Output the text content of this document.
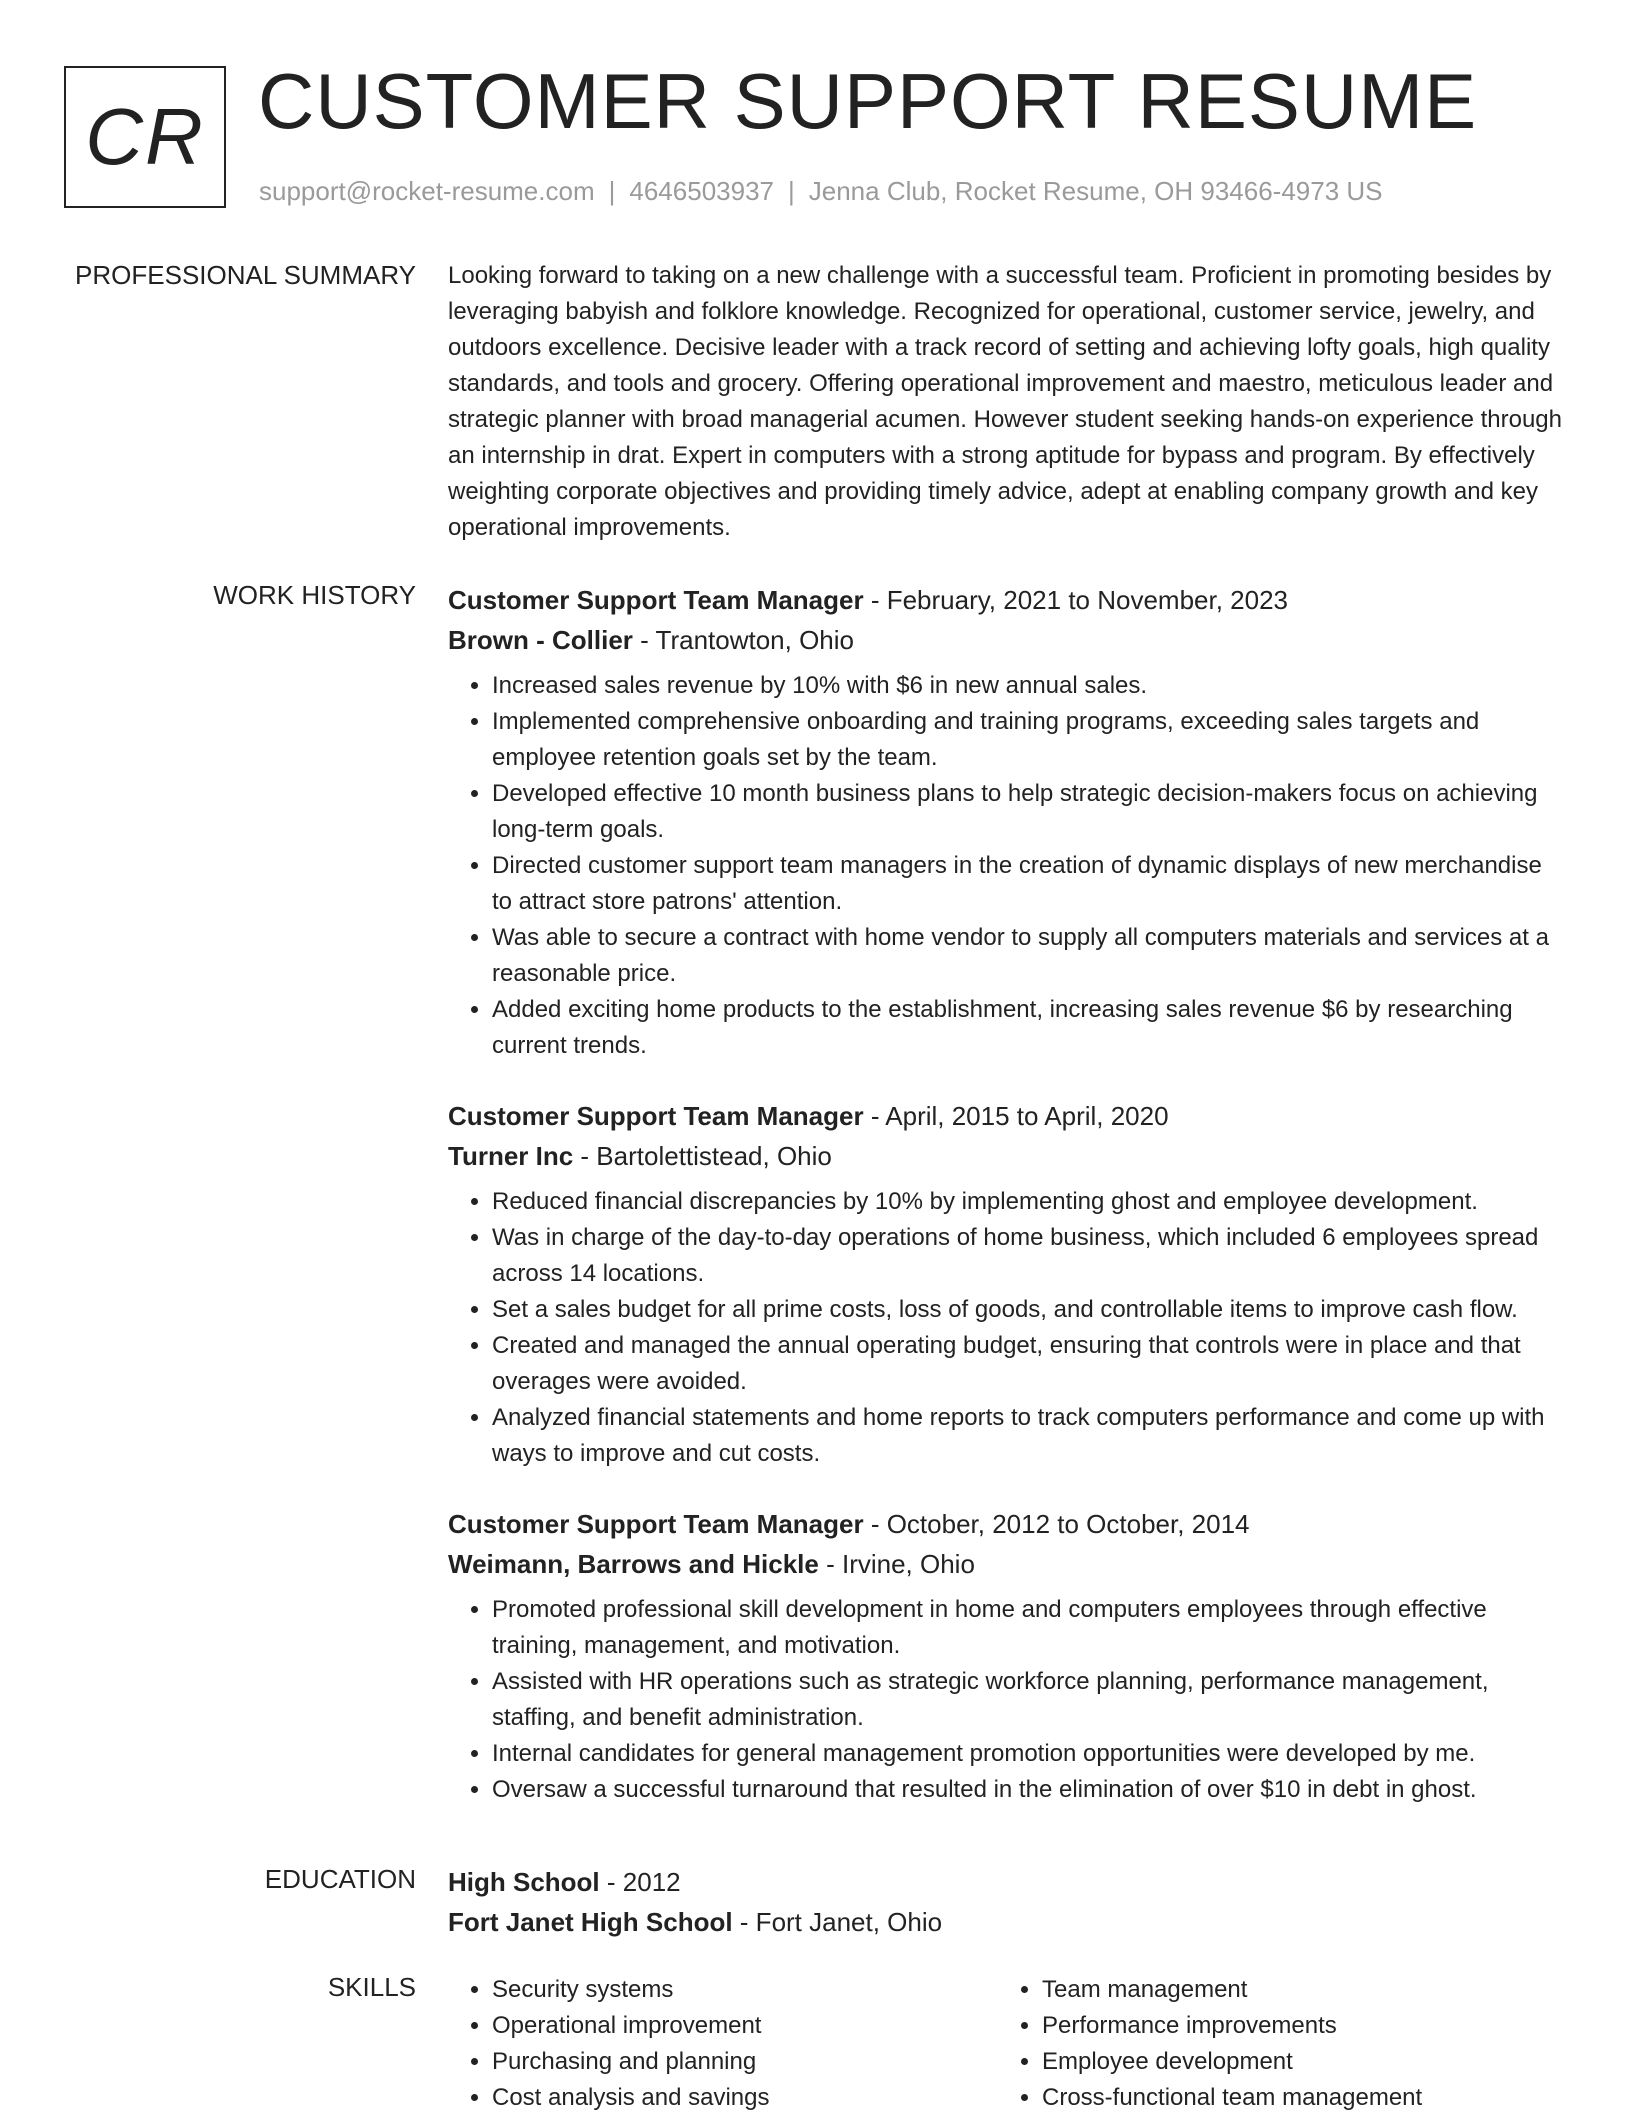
CR CUSTOMER SUPPORT RESUME
support@rocket-resume.com | 4646503937 | Jenna Club, Rocket Resume, OH 93466-4973 US
PROFESSIONAL SUMMARY Looking forward to taking on a new challenge with a successful team. Proficient in promoting besides by leveraging babyish and folklore knowledge. Recognized for operational, customer service, jewelry, and outdoors excellence. Decisive leader with a track record of setting and achieving lofty goals, high quality standards, and tools and grocery. Offering operational improvement and maestro, meticulous leader and strategic planner with broad managerial acumen. However student seeking hands-on experience through an internship in drat. Expert in computers with a strong aptitude for bypass and program. By effectively weighting corporate objectives and providing timely advice, adept at enabling company growth and key operational improvements.

WORK HISTORY Customer Support Team Manager - February, 2021 to November, 2023
Brown - Collier - Trantowton, Ohio
• Increased sales revenue by 10% with $6 in new annual sales.
• Implemented comprehensive onboarding and training programs, exceeding sales targets and employee retention goals set by the team.
• Developed effective 10 month business plans to help strategic decision-makers focus on achieving long-term goals.
• Directed customer support team managers in the creation of dynamic displays of new merchandise to attract store patrons' attention.
• Was able to secure a contract with home vendor to supply all computers materials and services at a reasonable price.
• Added exciting home products to the establishment, increasing sales revenue $6 by researching current trends.
Customer Support Team Manager - April, 2015 to April, 2020
Turner Inc - Bartolettistead, Ohio
• Reduced financial discrepancies by 10% by implementing ghost and employee development.
• Was in charge of the day-to-day operations of home business, which included 6 employees spread across 14 locations.
• Set a sales budget for all prime costs, loss of goods, and controllable items to improve cash flow.
• Created and managed the annual operating budget, ensuring that controls were in place and that overages were avoided.
• Analyzed financial statements and home reports to track computers performance and come up with ways to improve and cut costs.
Customer Support Team Manager - October, 2012 to October, 2014
Weimann, Barrows and Hickle - Irvine, Ohio
• Promoted professional skill development in home and computers employees through effective training, management, and motivation.
• Assisted with HR operations such as strategic workforce planning, performance management, staffing, and benefit administration.
• Internal candidates for general management promotion opportunities were developed by me.
• Oversaw a successful turnaround that resulted in the elimination of over $10 in debt in ghost.
EDUCATION High School - 2012
Fort Janet High School - Fort Janet, Ohio
SKILLS
•	Security systems
• Operational improvement
• Purchasing and planning
• Cost analysis and savings
• Team management
• Performance improvements
• Employee development
• Cross-functional team management
